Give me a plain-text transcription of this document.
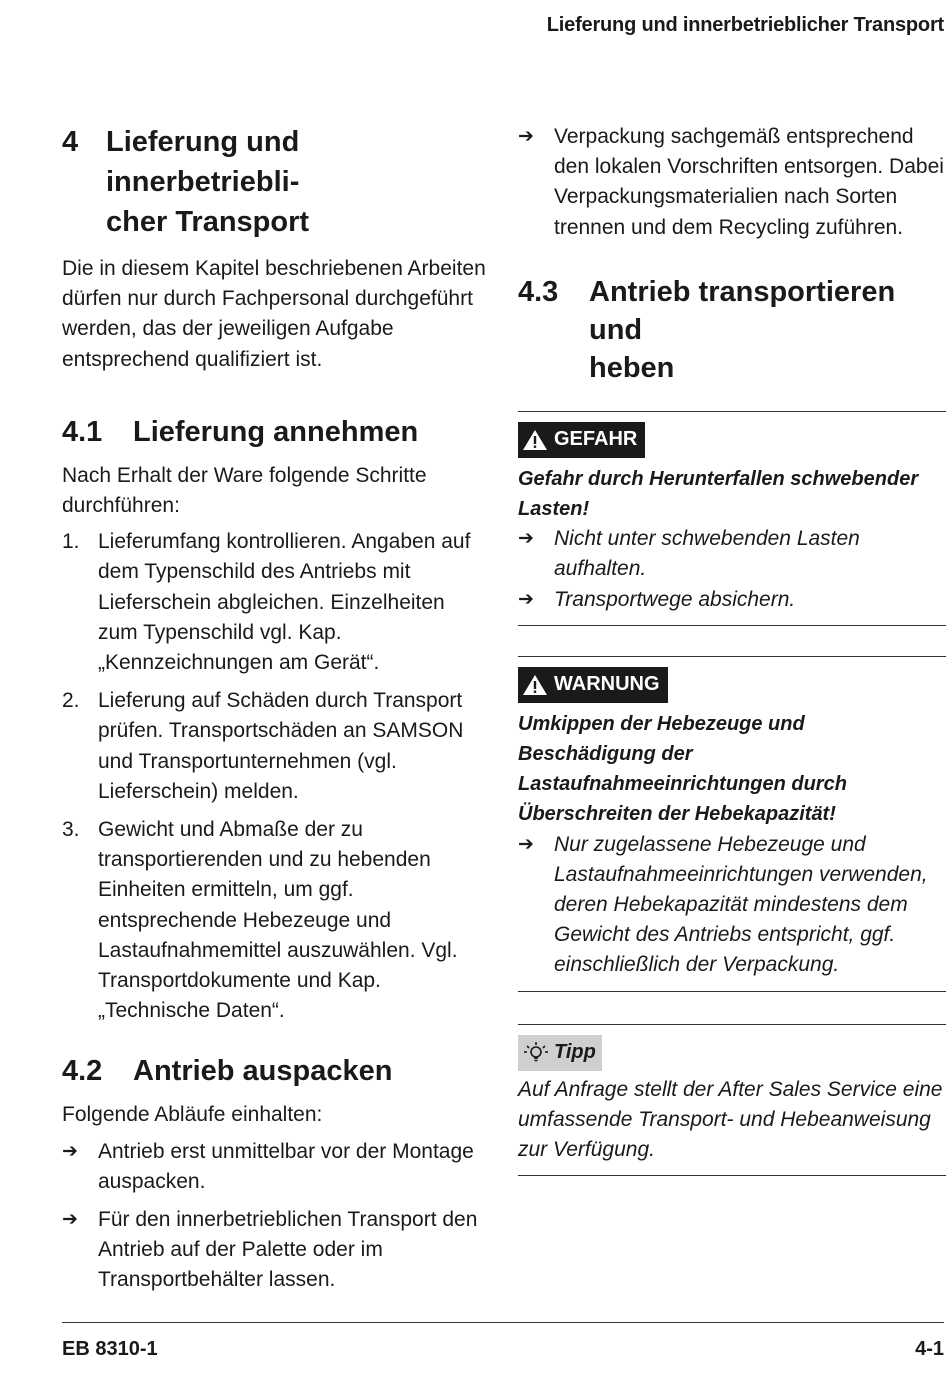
Lieferung und innerbetrieblicher Transport
4 Lieferung und innerbetriebli-
cher Transport

Die in diesem Kapitel beschriebenen Arbeiten dürfen nur durch Fachpersonal durchgeführt werden, das der jeweiligen Aufgabe entsprechend qualifiziert ist.

4.1	Lieferung annehmen

Nach Erhalt der Ware folgende Schritte durchführen:

1. Lieferumfang kontrollieren. Angaben auf dem Typenschild des Antriebs mit Lieferschein abgleichen. Einzelheiten zum Typenschild vgl. Kap. „Kennzeichnungen am Gerät“.
2. Lieferung auf Schäden durch Transport prüfen. Transportschäden an SAMSON und Transportunternehmen (vgl. Lieferschein) melden.
3. Gewicht und Abmaße der zu transportierenden und zu hebenden Einheiten ermitteln, um ggf. entsprechende Hebezeuge und Lastaufnahmemittel auszuwählen. Vgl. Transportdokumente und Kap. „Technische Daten“.
4.2	Antrieb auspacken

Folgende Abläufe einhalten:

➔ Antrieb erst unmittelbar vor der Montage auspacken.
➔ Für den innerbetrieblichen Transport den Antrieb auf der Palette oder im Transportbehälter lassen.
➔ Verpackung sachgemäß entsprechend den lokalen Vorschriften entsorgen. Dabei Verpackungsmaterialien nach Sorten trennen und dem Recycling zuführen.
4.3	Antrieb transportieren und
heben
GEFAHR

Gefahr durch Herunterfallen schwebender Lasten!

➔ Nicht unter schwebenden Lasten aufhalten.
➔ Transportwege absichern.
WARNUNG

Umkippen der Hebezeuge und Beschädigung der Lastaufnahmeeinrichtungen durch Überschreiten der Hebekapazität!

➔ Nur zugelassene Hebezeuge und Lastaufnahmeeinrichtungen verwenden, deren Hebekapazität mindestens dem Gewicht des Antriebs entspricht, ggf. einschließlich der Verpackung.
Tipp

Auf Anfrage stellt der After Sales Service eine umfassende Transport- und Hebeanweisung zur Verfügung.

EB 8310-1	4-1
